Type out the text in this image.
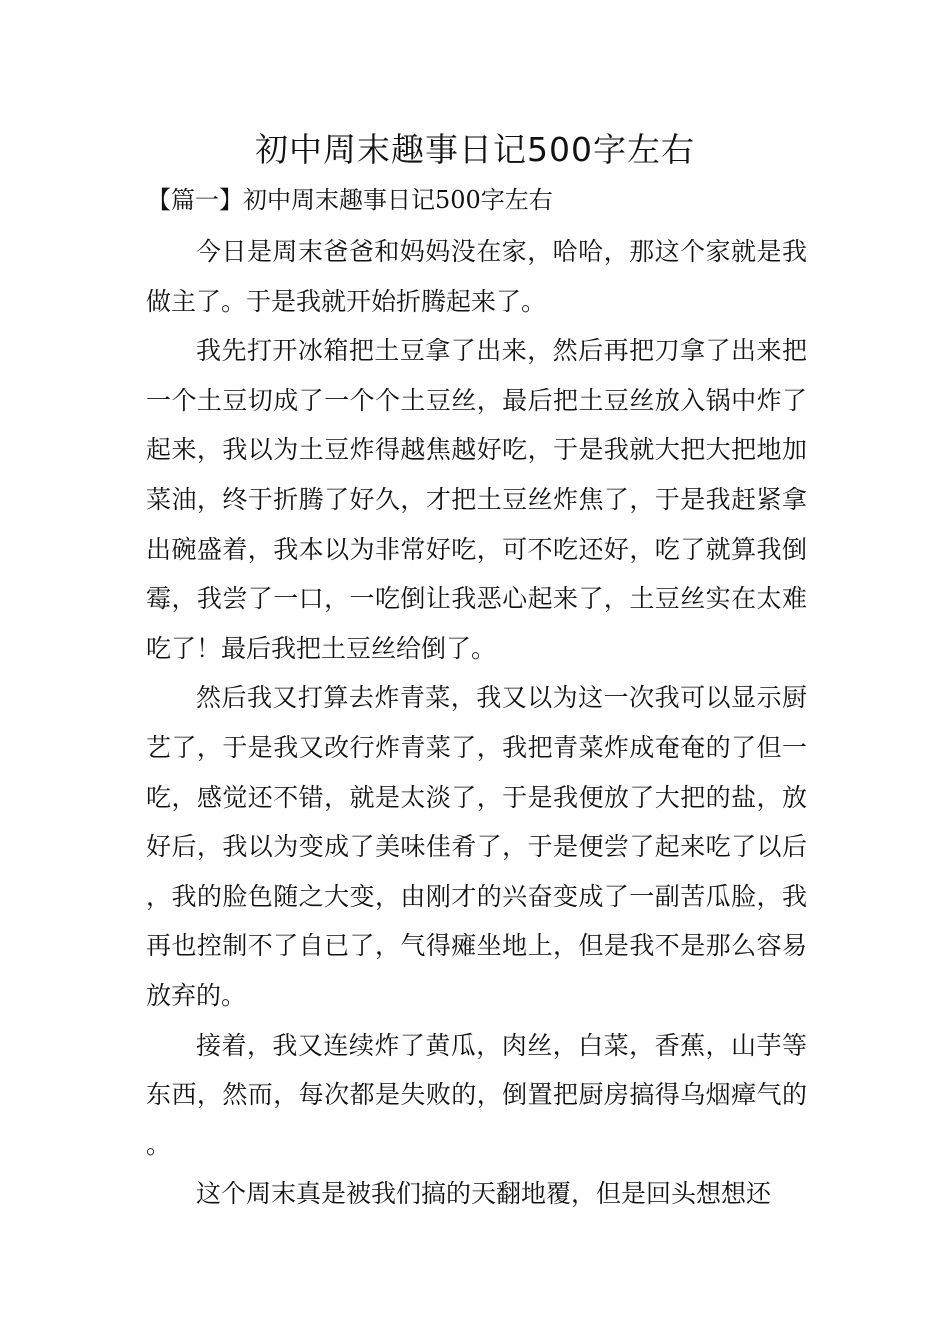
初中周末趣事日记500字左右
【篇一】初中周末趣事日记500字左右

今日是周末爸爸和妈妈没在家，哈哈，那这个家就是我做主了。于是我就开始折腾起来了。

我先打开冰箱把土豆拿了出来，然后再把刀拿了出来把一个土豆切成了一个个土豆丝，最后把土豆丝放入锅中炸了起来，我以为土豆炸得越焦越好吃，于是我就大把大把地加菜油，终于折腾了好久，才把土豆丝炸焦了，于是我赶紧拿出碗盛着，我本以为非常好吃，可不吃还好，吃了就算我倒霉，我尝了一口，一吃倒让我恶心起来了，土豆丝实在太难吃了！最后我把土豆丝给倒了。

然后我又打算去炸青菜，我又以为这一次我可以显示厨艺了，于是我又改行炸青菜了，我把青菜炸成奄奄的了但一吃，感觉还不错，就是太淡了，于是我便放了大把的盐，放好后，我以为变成了美味佳肴了，于是便尝了起来吃了以后，我的脸色随之大变，由刚才的兴奋变成了一副苦瓜脸，我再也控制不了自已了，气得瘫坐地上，但是我不是那么容易放弃的。

接着，我又连续炸了黄瓜，肉丝，白菜，香蕉，山芋等东西，然而，每次都是失败的，倒置把厨房搞得乌烟瘴气的。

这个周末真是被我们搞的天翻地覆，但是回头想想还
